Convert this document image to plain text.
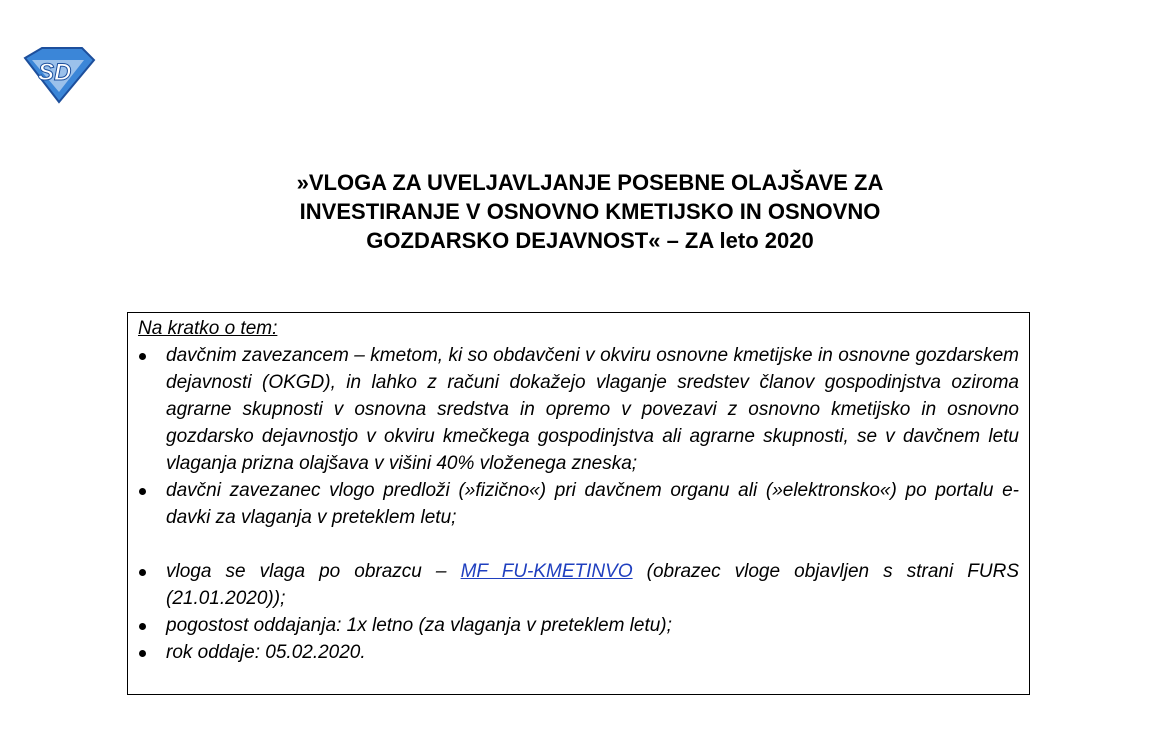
SD
»VLOGA ZA UVELJAVLJANJE POSEBNE OLAJŠAVE ZA
INVESTIRANJE V OSNOVNO KMETIJSKO IN OSNOVNO
GOZDARSKO DEJAVNOST« – ZA leto 2020
Na kratko o tem:
davčnim zavezancem – kmetom, ki so obdavčeni v okviru osnovne kmetijske in osnovne gozdarskem dejavnosti (OKGD), in lahko z računi dokažejo vlaganje sredstev članov gospodinjstva oziroma agrarne skupnosti v osnovna sredstva in opremo v povezavi z osnovno kmetijsko in osnovno gozdarsko dejavnostjo v okviru kmečkega gospodinjstva ali agrarne skupnosti, se v davčnem letu vlaganja prizna olajšava v višini 40% vloženega zneska;
davčni zavezanec vlogo predloži (»fizično«) pri davčnem organu ali (»elektronsko«) po portalu e-davki za vlaganja v preteklem letu;
vloga se vlaga po obrazcu – MF FU-KMETINVO (obrazec vloge objavljen s strani FURS (21.01.2020));
pogostost oddajanja: 1x letno (za vlaganja v preteklem letu);
rok oddaje: 05.02.2020.
